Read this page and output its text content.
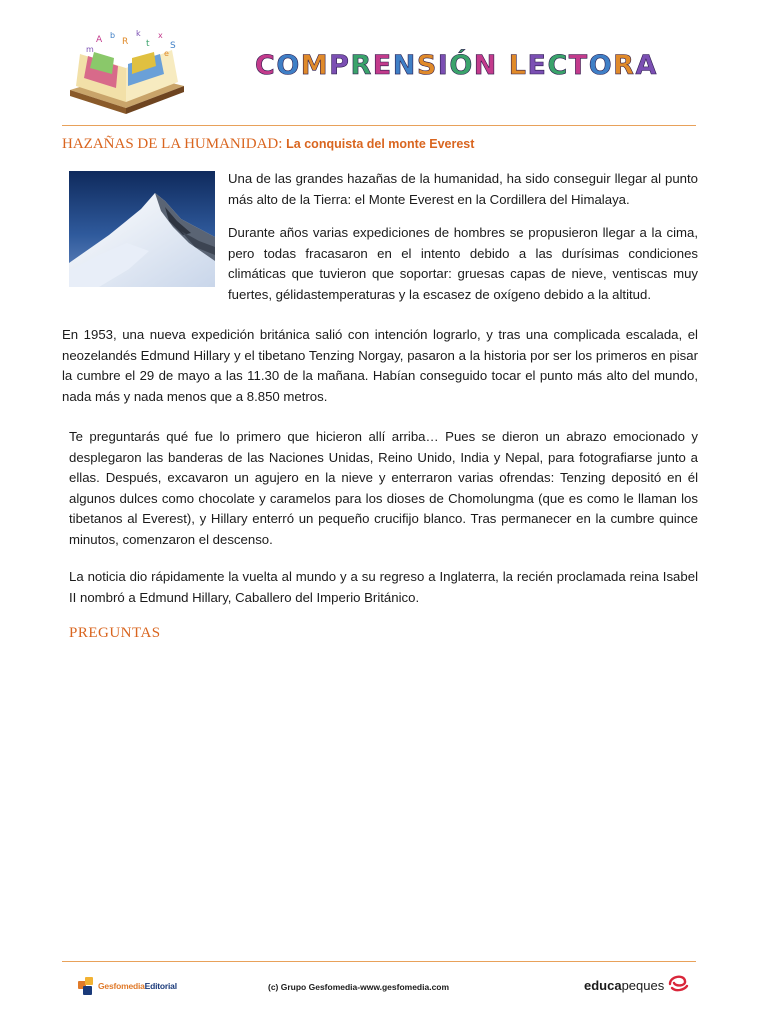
A b
R
k
t
x
S
m	e	COMPRENSIÓN LECTORA
HAZAÑAS DE LA HUMANIDAD: La conquista del monte Everest

Una de las grandes hazañas de la humanidad, ha sido conseguir llegar al punto más alto de la Tierra: el Monte Everest en la Cordillera del Himalaya.

Durante años varias expediciones de hombres se propusieron llegar a la cima, pero todas fracasaron en el intento debido a las durísimas condiciones climáticas que tuvieron que soportar: gruesas capas de nieve, ventiscas muy fuertes, gélidastemperaturas y la escasez de oxígeno debido a la altitud.

En 1953, una nueva expedición británica salió con intención lograrlo, y tras una complicada escalada, el neozelandés Edmund Hillary y el tibetano Tenzing Norgay, pasaron a la historia por ser los primeros en pisar la cumbre el 29 de mayo a las 11.30 de la mañana. Habían conseguido tocar el punto más alto del mundo, nada más y nada menos que a 8.850 metros.

Te preguntarás qué fue lo primero que hicieron allí arriba… Pues se dieron un abrazo emocionado y desplegaron las banderas de las Naciones Unidas, Reino Unido, India y Nepal, para fotografiarse junto a ellas. Después, excavaron un agujero en la nieve y enterraron varias ofrendas: Tenzing depositó en él algunos dulces como chocolate y caramelos para los dioses de Chomolungma (que es como le llaman los tibetanos al Everest), y Hillary enterró un pequeño crucifijo blanco. Tras permanecer en la cumbre quince minutos, comenzaron el descenso.

La noticia dio rápidamente la vuelta al mundo y a su regreso a Inglaterra, la recién proclamada reina Isabel II nombró a Edmund Hillary, Caballero del Imperio Británico.

PREGUNTAS
GesfomediaEditorial	(c) Grupo Gesfomedia-www.gesfomedia.com	educapeques
